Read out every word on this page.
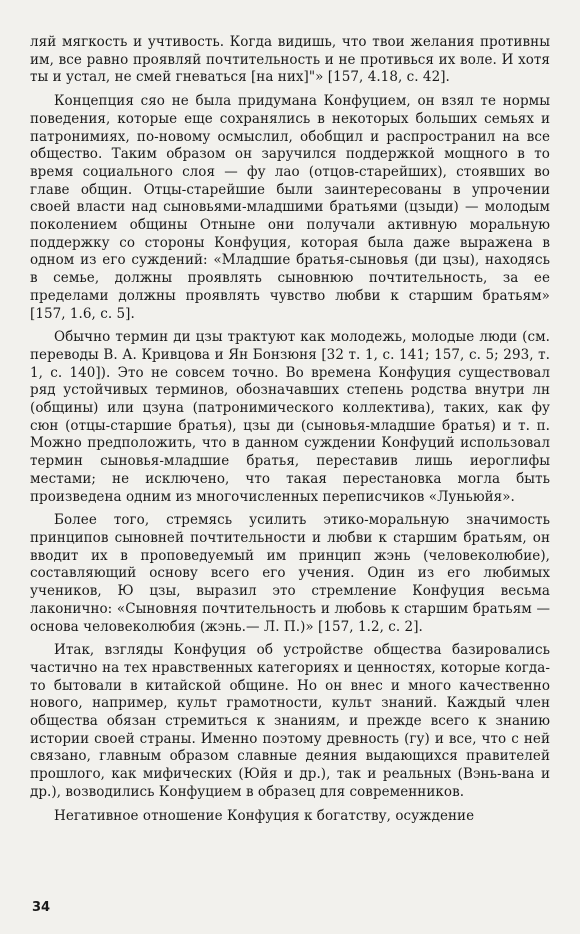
ляй мягкость и учтивость. Когда видишь, что твои желания противны им, все равно проявляй почтительность и не противься их воле. И хотя ты и устал, не смей гневаться [на них]"» [157, 4.18, с. 42].

Концепция сяо не была придумана Конфуцием, он взял те нормы поведения, которые еще сохранялись в некоторых больших семьях и патронимиях, по-новому осмыслил, обобщил и распространил на все общество. Таким образом он заручился поддержкой мощного в то время социального слоя — фу лао (отцов-старейших), стоявших во главе общин. Отцы-старейшие были заинтересованы в упрочении своей власти над сыновьями-младшими братьями (цзыди) — молодым поколением общины Отныне они получали активную моральную поддержку со стороны Конфуция, которая была даже выражена в одном из его суждений: «Младшие братья-сыновья (ди цзы), находясь в семье, должны проявлять сыновнюю почтительность, за ее пределами должны проявлять чувство любви к старшим братьям» [157, 1.6, с. 5].

Обычно термин ди цзы трактуют как молодежь, молодые люди (см. переводы В. А. Кривцова и Ян Бонзюня [32 т. 1, с. 141; 157, с. 5; 293, т. 1, с. 140]). Это не совсем точно. Во времена Конфуция существовал ряд устойчивых терминов, обозначавших степень родства внутри лн (общины) или цзуна (патронимического коллектива), таких, как фу сюн (отцы-старшие братья), цзы ди (сыновья-младшие братья) и т. п. Можно предположить, что в данном суждении Конфуций использовал термин сыновья-младшие братья, переставив лишь иероглифы местами; не исключено, что такая перестановка могла быть произведена одним из многочисленных переписчиков «Луньюйя».

Более того, стремясь усилить этико-моральную значимость принципов сыновней почтительности и любви к старшим братьям, он вводит их в проповедуемый им принцип жэнь (человеколюбие), составляющий основу всего его учения. Один из его любимых учеников, Ю цзы, выразил это стремление Конфуция весьма лаконично: «Сыновняя почтительность и любовь к старшим братьям — основа человеколюбия (жэнь.— Л. П.)» [157, 1.2, с. 2].

Итак, взгляды Конфуция об устройстве общества базировались частично на тех нравственных категориях и ценностях, которые когда-то бытовали в китайской общине. Но он внес и много качественно нового, например, культ грамотности, культ знаний. Каждый член общества обязан стремиться к знаниям, и прежде всего к знанию истории своей страны. Именно поэтому древность (гу) и все, что с ней связано, главным образом славные деяния выдающихся правителей прошлого, как мифических (Юйя и др.), так и реальных (Вэнь-вана и др.), возводились Конфуцием в образец для современников.

Негативное отношение Конфуция к богатству, осуждение

34
